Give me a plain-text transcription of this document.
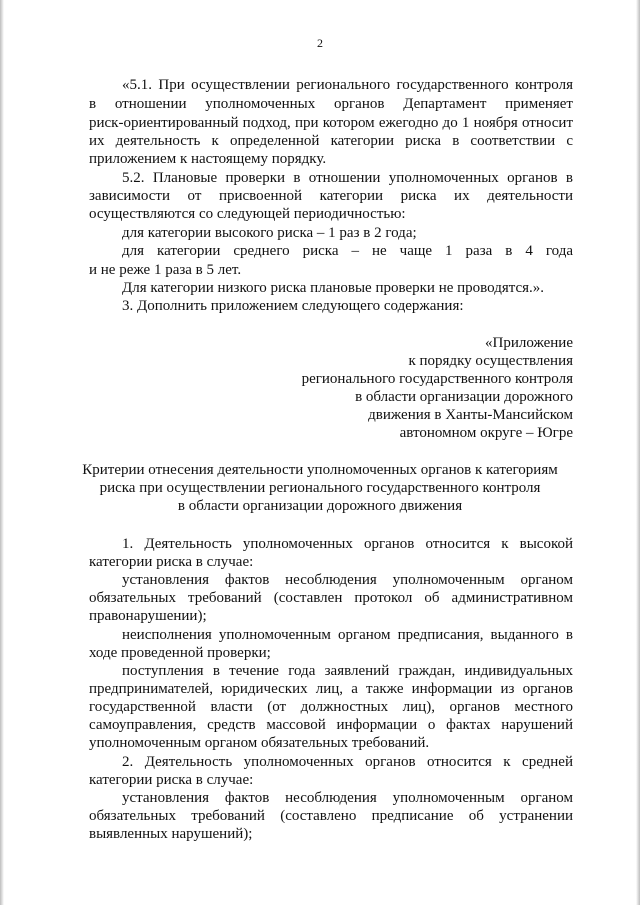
2
«5.1. При осуществлении регионального государственного контроля
в отношении уполномоченных органов Департамент применяет
риск-ориентированный подход, при котором ежегодно до 1 ноября относит
их деятельность к определенной категории риска в соответствии с
приложением к настоящему порядку.
5.2. Плановые проверки в отношении уполномоченных органов в
зависимости от присвоенной категории риска их деятельности
осуществляются со следующей периодичностью:
для категории высокого риска – 1 раз в 2 года;
для категории среднего риска – не чаще 1 раза в 4 года
и не реже 1 раза в 5 лет.
Для категории низкого риска плановые проверки не проводятся.».
3. Дополнить приложением следующего содержания:
«Приложение
к порядку осуществления
регионального государственного контроля
в области организации дорожного
движения в Ханты-Мансийском
автономном округе – Югре
Критерии отнесения деятельности уполномоченных органов к категориям
риска при осуществлении регионального государственного контроля
в области организации дорожного движения
1. Деятельность уполномоченных органов относится к высокой
категории риска в случае:
установления фактов несоблюдения уполномоченным органом
обязательных требований (составлен протокол об административном
правонарушении);
неисполнения уполномоченным органом предписания, выданного в
ходе проведенной проверки;
поступления в течение года заявлений граждан, индивидуальных
предпринимателей, юридических лиц, а также информации из органов
государственной власти (от должностных лиц), органов местного
самоуправления, средств массовой информации о фактах нарушений
уполномоченным органом обязательных требований.
2. Деятельность уполномоченных органов относится к средней
категории риска в случае:
установления фактов несоблюдения уполномоченным органом
обязательных требований (составлено предписание об устранении
выявленных нарушений);
